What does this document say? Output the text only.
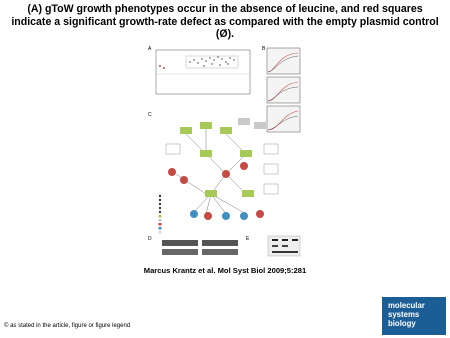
(A) gToW growth phenotypes occur in the absence of leucine, and red squares indicate a significant growth-rate defect as compared with the empty plasmid control (Ø).
A	B
C
D	E
Marcus Krantz et al. Mol Syst Biol 2009;5:281
© as stated in the article, figure or figure legend
molecular
systems
biology
